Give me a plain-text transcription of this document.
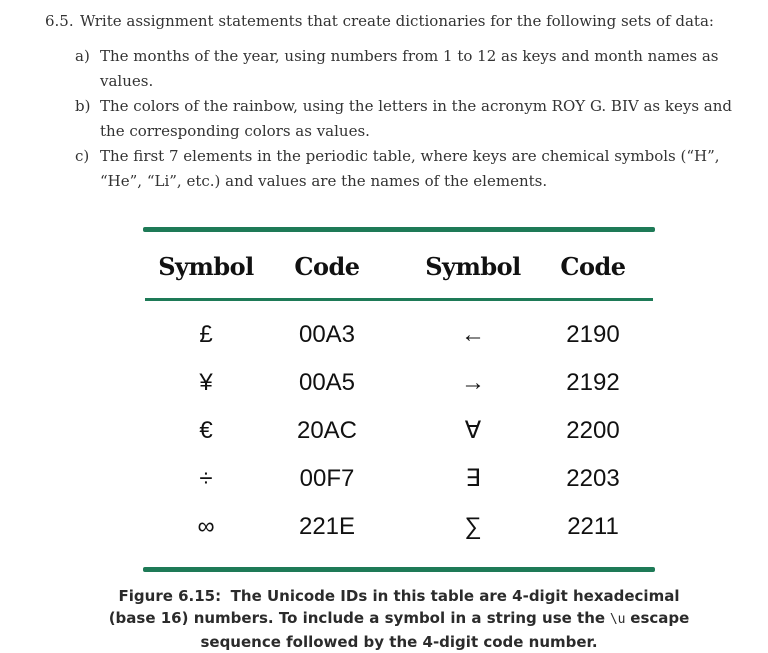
6.5. Write assignment statements that create dictionaries for the following sets of data:
a) The months of the year, using numbers from 1 to 12 as keys and month names as values.
b) The colors of the rainbow, using the letters in the acronym ROY G. BIV as keys and the corresponding colors as values.
c) The first 7 elements in the periodic table, where keys are chemical symbols (“H”, “He”, “Li”, etc.) and values are the names of the elements.
Symbol	Code	Symbol	Code
£	00A3	←	2190
¥	00A5	→	2192
€	20AC	∀	2200
÷	00F7	∃	2203
∞	221E	∑	2211
Figure 6.15: The Unicode IDs in this table are 4-digit hexadecimal (base 16) numbers. To include a symbol in a string use the \u escape sequence followed by the 4-digit code number.
